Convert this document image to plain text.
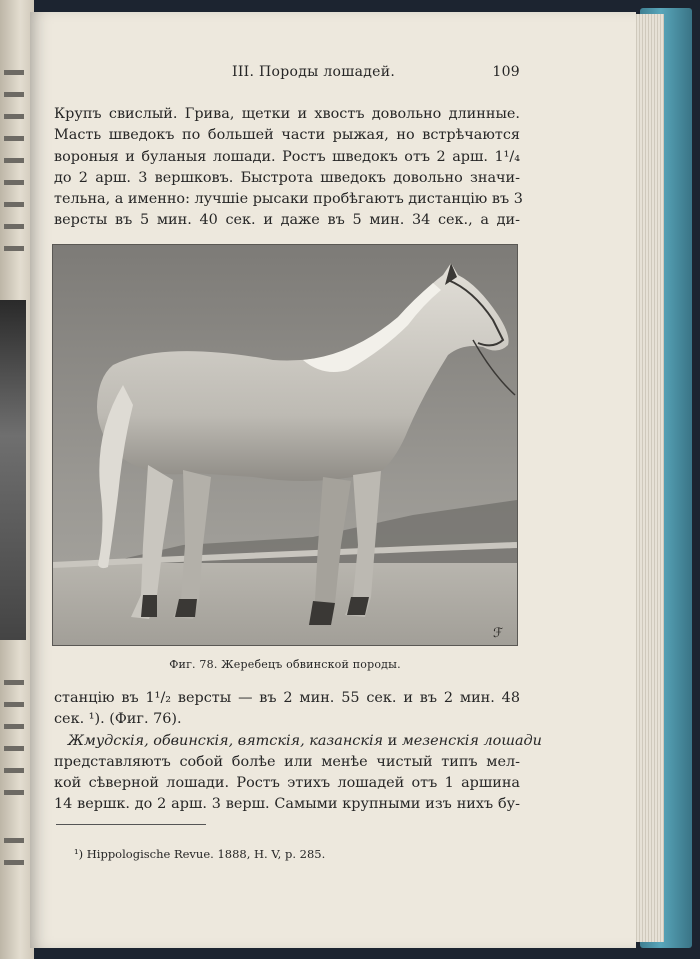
III. Породы лошадей.	109
Крупъ свислый. Грива, щетки и хвостъ довольно длинные.
Масть шведокъ по большей части рыжая, но встрѣчаются
вороныя и буланыя лошади. Ростъ шведокъ отъ 2 арш. 1¹/₄
до 2 арш. 3 вершковъ. Быстрота шведокъ довольно значи-
тельна, а именно: лучшіе рысаки пробѣгаютъ дистанцію въ 3
версты въ 5 мин. 40 сек. и даже въ 5 мин. 34 сек., а ди-
ℱ
Фиг. 78. Жеребецъ обвинской породы.
станцію въ 1¹/₂ версты — въ 2 мин. 55 сек. и въ 2 мин. 48
сек. ¹). (Фиг. 76).
Жмудскія, обвинскія, вятскія, казанскія и мезенскія лошади
представляютъ собой болѣе или менѣе чистый типъ мел-
кой сѣверной лошади. Ростъ этихъ лошадей отъ 1 аршина
14 вершк. до 2 арш. 3 верш. Самыми крупными изъ нихъ бу-
¹) Hippologische Revue. 1888, H. V, p. 285.
